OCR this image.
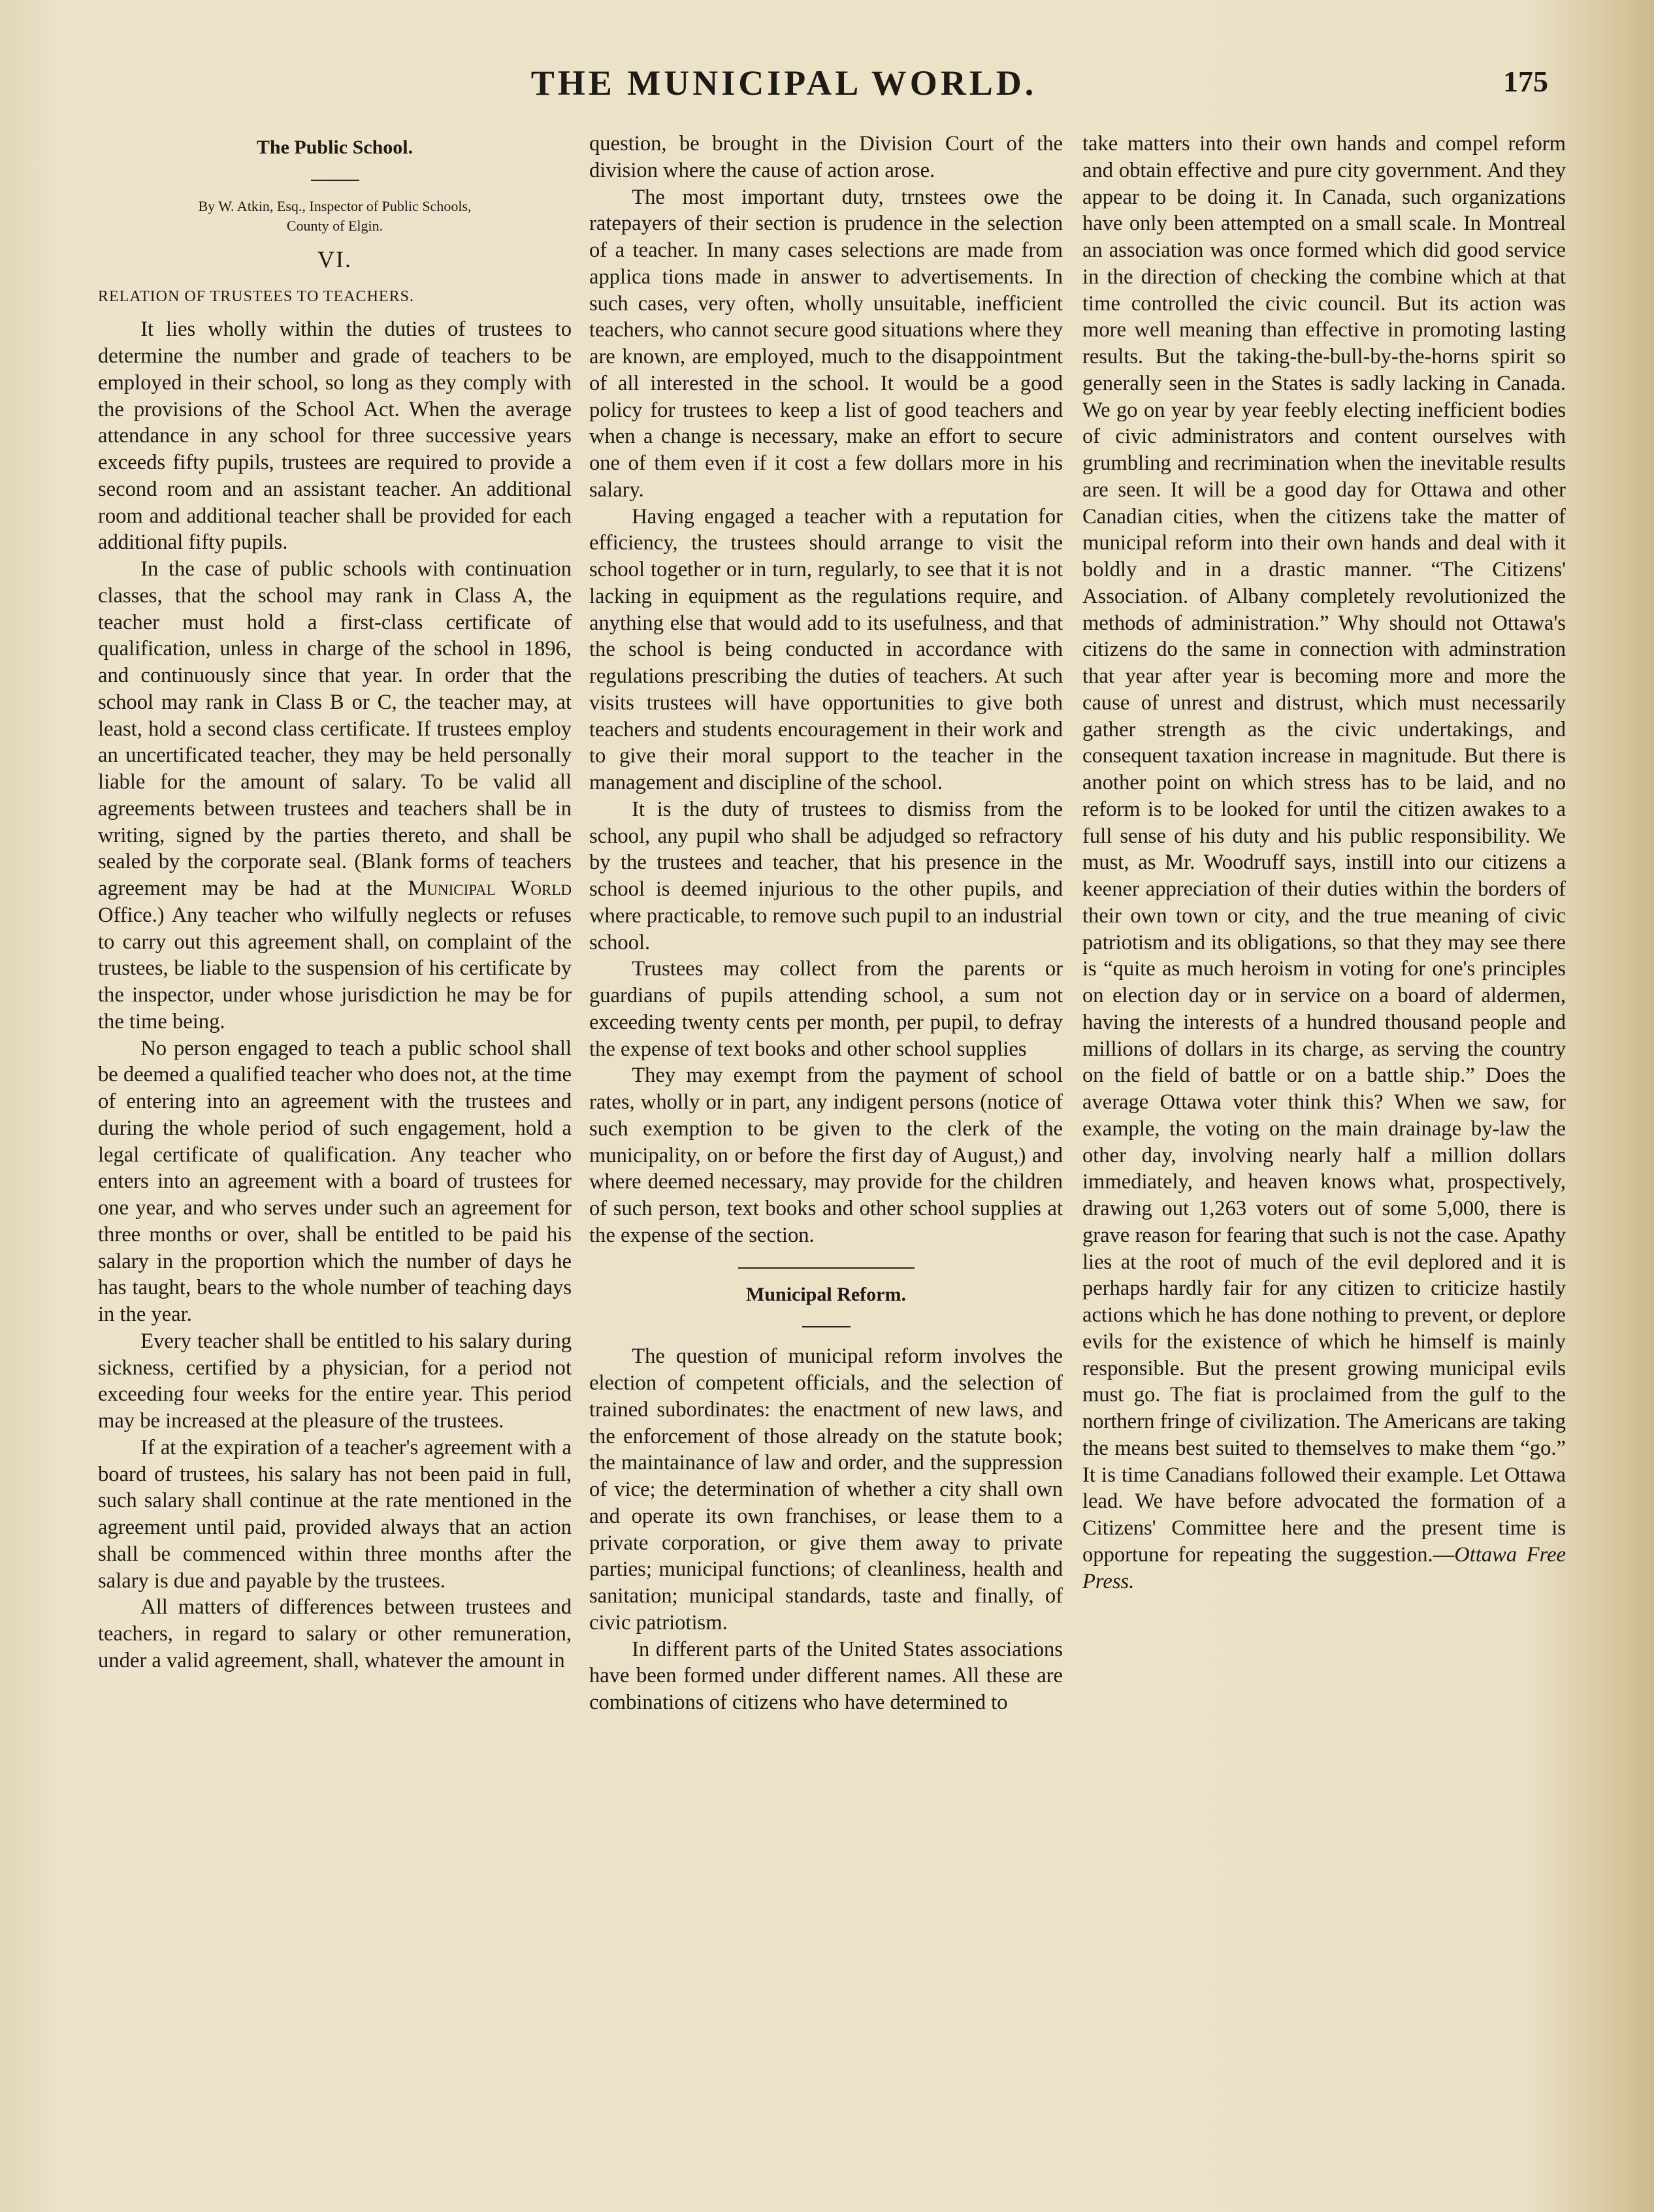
THE MUNICIPAL WORLD.	175
The Public School.
By W. Atkin, Esq., Inspector of Public Schools,
County of Elgin.
VI.
RELATION OF TRUSTEES TO TEACHERS.

It lies wholly within the duties of trustees to determine the number and grade of teachers to be employed in their school, so long as they comply with the provisions of the School Act. When the average attendance in any school for three successive years exceeds fifty pupils, trustees are required to provide a second room and an assistant teacher. An additional room and additional teacher shall be provided for each additional fifty pupils.

In the case of public schools with continuation classes, that the school may rank in Class A, the teacher must hold a first-class certificate of qualification, unless in charge of the school in 1896, and continuously since that year. In order that the school may rank in Class B or C, the teacher may, at least, hold a second class certificate. If trustees employ an uncertificated teacher, they may be held personally liable for the amount of salary. To be valid all agreements between trustees and teachers shall be in writing, signed by the parties thereto, and shall be sealed by the corporate seal. (Blank forms of teachers agreement may be had at the Municipal World Office.) Any teacher who wilfully neglects or refuses to carry out this agreement shall, on complaint of the trustees, be liable to the suspension of his certificate by the inspector, under whose jurisdiction he may be for the time being.

No person engaged to teach a public school shall be deemed a qualified teacher who does not, at the time of entering into an agreement with the trustees and during the whole period of such engagement, hold a legal certificate of qualification. Any teacher who enters into an agreement with a board of trustees for one year, and who serves under such an agreement for three months or over, shall be entitled to be paid his salary in the proportion which the number of days he has taught, bears to the whole number of teaching days in the year.

Every teacher shall be entitled to his salary during sickness, certified by a physician, for a period not exceeding four weeks for the entire year. This period may be increased at the pleasure of the trustees.

If at the expiration of a teacher's agreement with a board of trustees, his salary has not been paid in full, such salary shall continue at the rate mentioned in the agreement until paid, provided always that an action shall be commenced within three months after the salary is due and payable by the trustees.

All matters of differences between trustees and teachers, in regard to salary or other remuneration, under a valid agreement, shall, whatever the amount in

question, be brought in the Division Court of the division where the cause of action arose.

The most important duty, trnstees owe the ratepayers of their section is prudence in the selection of a teacher. In many cases selections are made from applica tions made in answer to advertisements. In such cases, very often, wholly unsuitable, inefficient teachers, who cannot secure good situations where they are known, are employed, much to the disappointment of all interested in the school. It would be a good policy for trustees to keep a list of good teachers and when a change is necessary, make an effort to secure one of them even if it cost a few dollars more in his salary.

Having engaged a teacher with a reputation for efficiency, the trustees should arrange to visit the school together or in turn, regularly, to see that it is not lacking in equipment as the regulations require, and anything else that would add to its usefulness, and that the school is being conducted in accordance with regulations prescribing the duties of teachers. At such visits trustees will have opportunities to give both teachers and students encouragement in their work and to give their moral support to the teacher in the management and discipline of the school.

It is the duty of trustees to dismiss from the school, any pupil who shall be adjudged so refractory by the trustees and teacher, that his presence in the school is deemed injurious to the other pupils, and where practicable, to remove such pupil to an industrial school.

Trustees may collect from the parents or guardians of pupils attending school, a sum not exceeding twenty cents per month, per pupil, to defray the expense of text books and other school supplies

They may exempt from the payment of school rates, wholly or in part, any indigent persons (notice of such exemption to be given to the clerk of the municipality, on or before the first day of August,) and where deemed necessary, may provide for the children of such person, text books and other school supplies at the expense of the section.

Municipal Reform.

The question of municipal reform involves the election of competent officials, and the selection of trained subordinates: the enactment of new laws, and the enforcement of those already on the statute book; the maintainance of law and order, and the suppression of vice; the determination of whether a city shall own and operate its own franchises, or lease them to a private corporation, or give them away to private parties; municipal functions; of cleanliness, health and sanitation; municipal standards, taste and finally, of civic patriotism.

In different parts of the United States associations have been formed under different names. All these are combinations of citizens who have determined to

take matters into their own hands and compel reform and obtain effective and pure city government. And they appear to be doing it. In Canada, such organizations have only been attempted on a small scale. In Montreal an association was once formed which did good service in the direction of checking the combine which at that time controlled the civic council. But its action was more well meaning than effective in promoting lasting results. But the taking-the-bull-by-the-horns spirit so generally seen in the States is sadly lacking in Canada. We go on year by year feebly electing inefficient bodies of civic administrators and content ourselves with grumbling and recrimination when the inevitable results are seen. It will be a good day for Ottawa and other Canadian cities, when the citizens take the matter of municipal reform into their own hands and deal with it boldly and in a drastic manner. “The Citizens' Association. of Albany completely revolutionized the methods of administration.” Why should not Ottawa's citizens do the same in connection with adminstration that year after year is becoming more and more the cause of unrest and distrust, which must necessarily gather strength as the civic undertakings, and consequent taxation increase in magnitude. But there is another point on which stress has to be laid, and no reform is to be looked for until the citizen awakes to a full sense of his duty and his public responsibility. We must, as Mr. Woodruff says, instill into our citizens a keener appreciation of their duties within the borders of their own town or city, and the true meaning of civic patriotism and its obligations, so that they may see there is “quite as much heroism in voting for one's principles on election day or in service on a board of aldermen, having the interests of a hundred thousand people and millions of dollars in its charge, as serving the country on the field of battle or on a battle ship.” Does the average Ottawa voter think this? When we saw, for example, the voting on the main drainage by-law the other day, involving nearly half a million dollars immediately, and heaven knows what, prospectively, drawing out 1,263 voters out of some 5,000, there is grave reason for fearing that such is not the case. Apathy lies at the root of much of the evil deplored and it is perhaps hardly fair for any citizen to criticize hastily actions which he has done nothing to prevent, or deplore evils for the existence of which he himself is mainly responsible. But the present growing municipal evils must go. The fiat is proclaimed from the gulf to the northern fringe of civilization. The Americans are taking the means best suited to themselves to make them “go.” It is time Canadians followed their example. Let Ottawa lead. We have before advocated the formation of a Citizens' Committee here and the present time is opportune for repeating the suggestion.—Ottawa Free Press.
